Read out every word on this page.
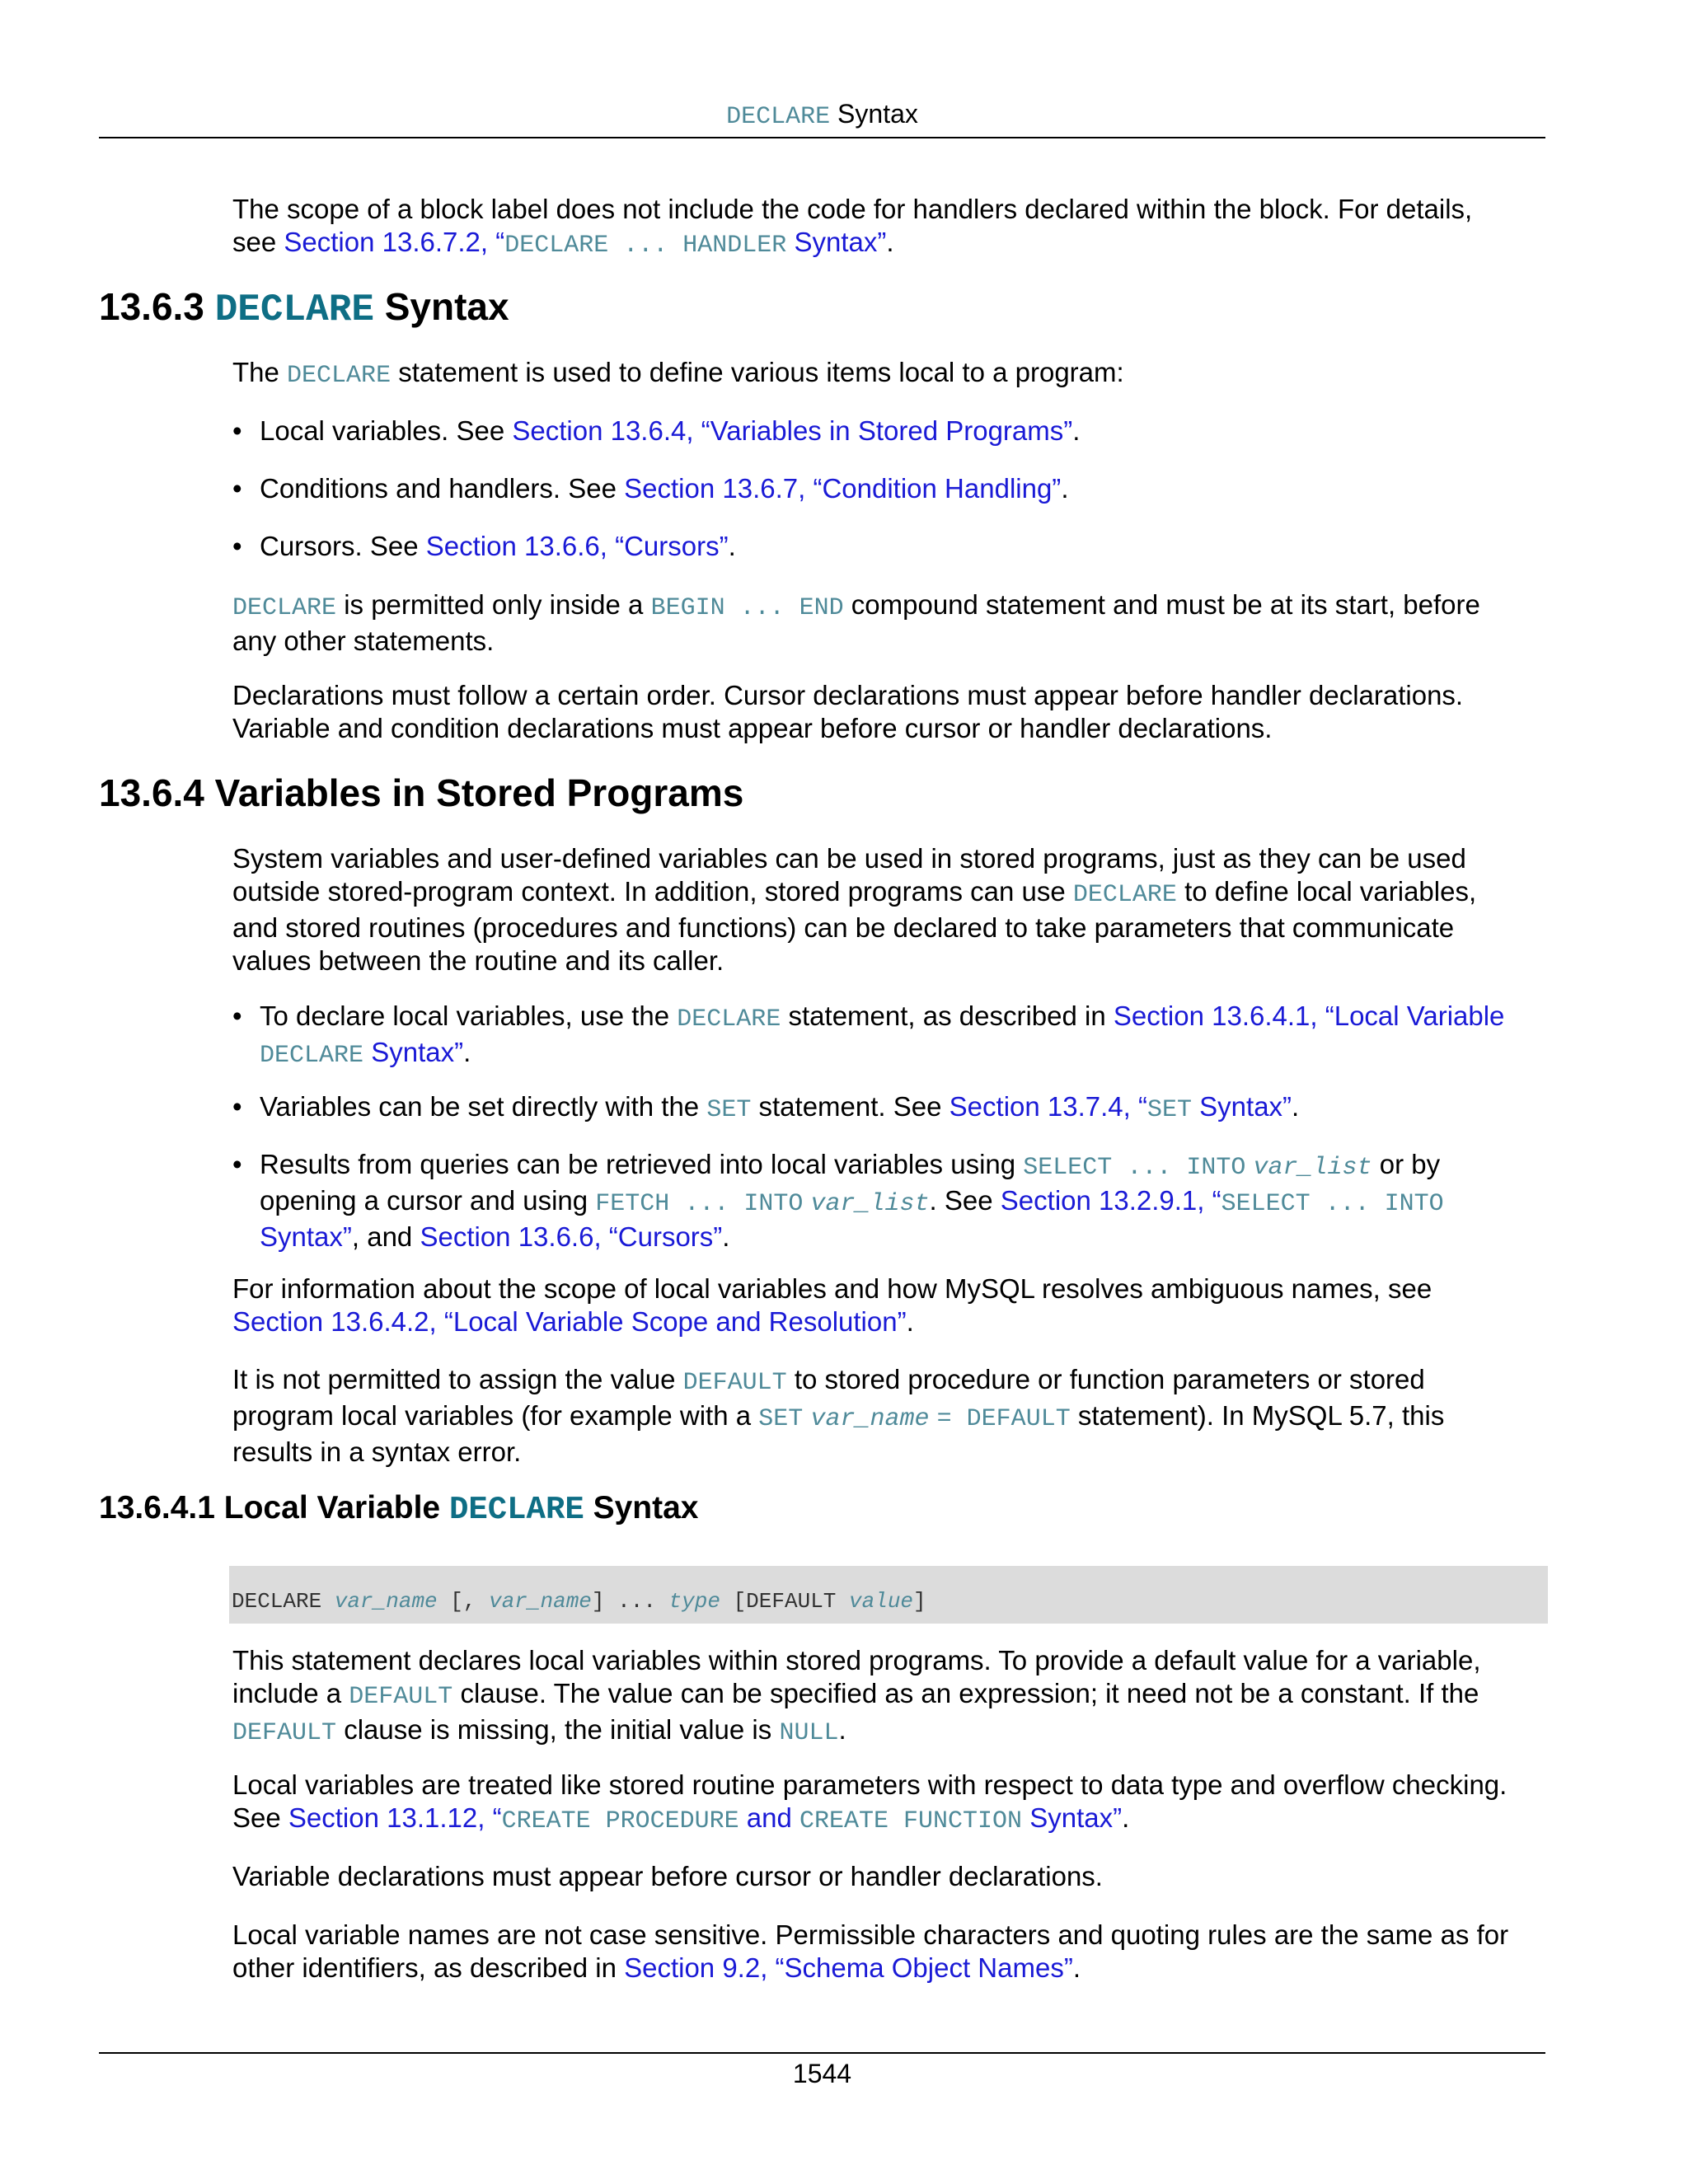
DECLARE Syntax
The scope of a block label does not include the code for handlers declared within the block. For details,
see Section 13.6.7.2, “DECLARE ... HANDLER Syntax”.
13.6.3 DECLARE Syntax
The DECLARE statement is used to define various items local to a program:
• Local variables. See Section 13.6.4, “Variables in Stored Programs”.
• Conditions and handlers. See Section 13.6.7, “Condition Handling”.
• Cursors. See Section 13.6.6, “Cursors”.
DECLARE is permitted only inside a BEGIN ... END compound statement and must be at its start, before
any other statements.
Declarations must follow a certain order. Cursor declarations must appear before handler declarations.
Variable and condition declarations must appear before cursor or handler declarations.
13.6.4 Variables in Stored Programs
System variables and user-defined variables can be used in stored programs, just as they can be used
outside stored-program context. In addition, stored programs can use DECLARE to define local variables,
and stored routines (procedures and functions) can be declared to take parameters that communicate
values between the routine and its caller.
• To declare local variables, use the DECLARE statement, as described in Section 13.6.4.1, “Local Variable
DECLARE Syntax”.
• Variables can be set directly with the SET statement. See Section 13.7.4, “SET Syntax”.
• Results from queries can be retrieved into local variables using SELECT ... INTO var_list or by
opening a cursor and using FETCH ... INTO var_list. See Section 13.2.9.1, “SELECT ... INTO
Syntax”, and Section 13.6.6, “Cursors”.
For information about the scope of local variables and how MySQL resolves ambiguous names, see
Section 13.6.4.2, “Local Variable Scope and Resolution”.
It is not permitted to assign the value DEFAULT to stored procedure or function parameters or stored
program local variables (for example with a SET var_name = DEFAULT statement). In MySQL 5.7, this
results in a syntax error.
13.6.4.1 Local Variable DECLARE Syntax
DECLARE var_name [, var_name] ... type [DEFAULT value]
This statement declares local variables within stored programs. To provide a default value for a variable,
include a DEFAULT clause. The value can be specified as an expression; it need not be a constant. If the
DEFAULT clause is missing, the initial value is NULL.
Local variables are treated like stored routine parameters with respect to data type and overflow checking.
See Section 13.1.12, “CREATE PROCEDURE and CREATE FUNCTION Syntax”.
Variable declarations must appear before cursor or handler declarations.
Local variable names are not case sensitive. Permissible characters and quoting rules are the same as for
other identifiers, as described in Section 9.2, “Schema Object Names”.
1544
